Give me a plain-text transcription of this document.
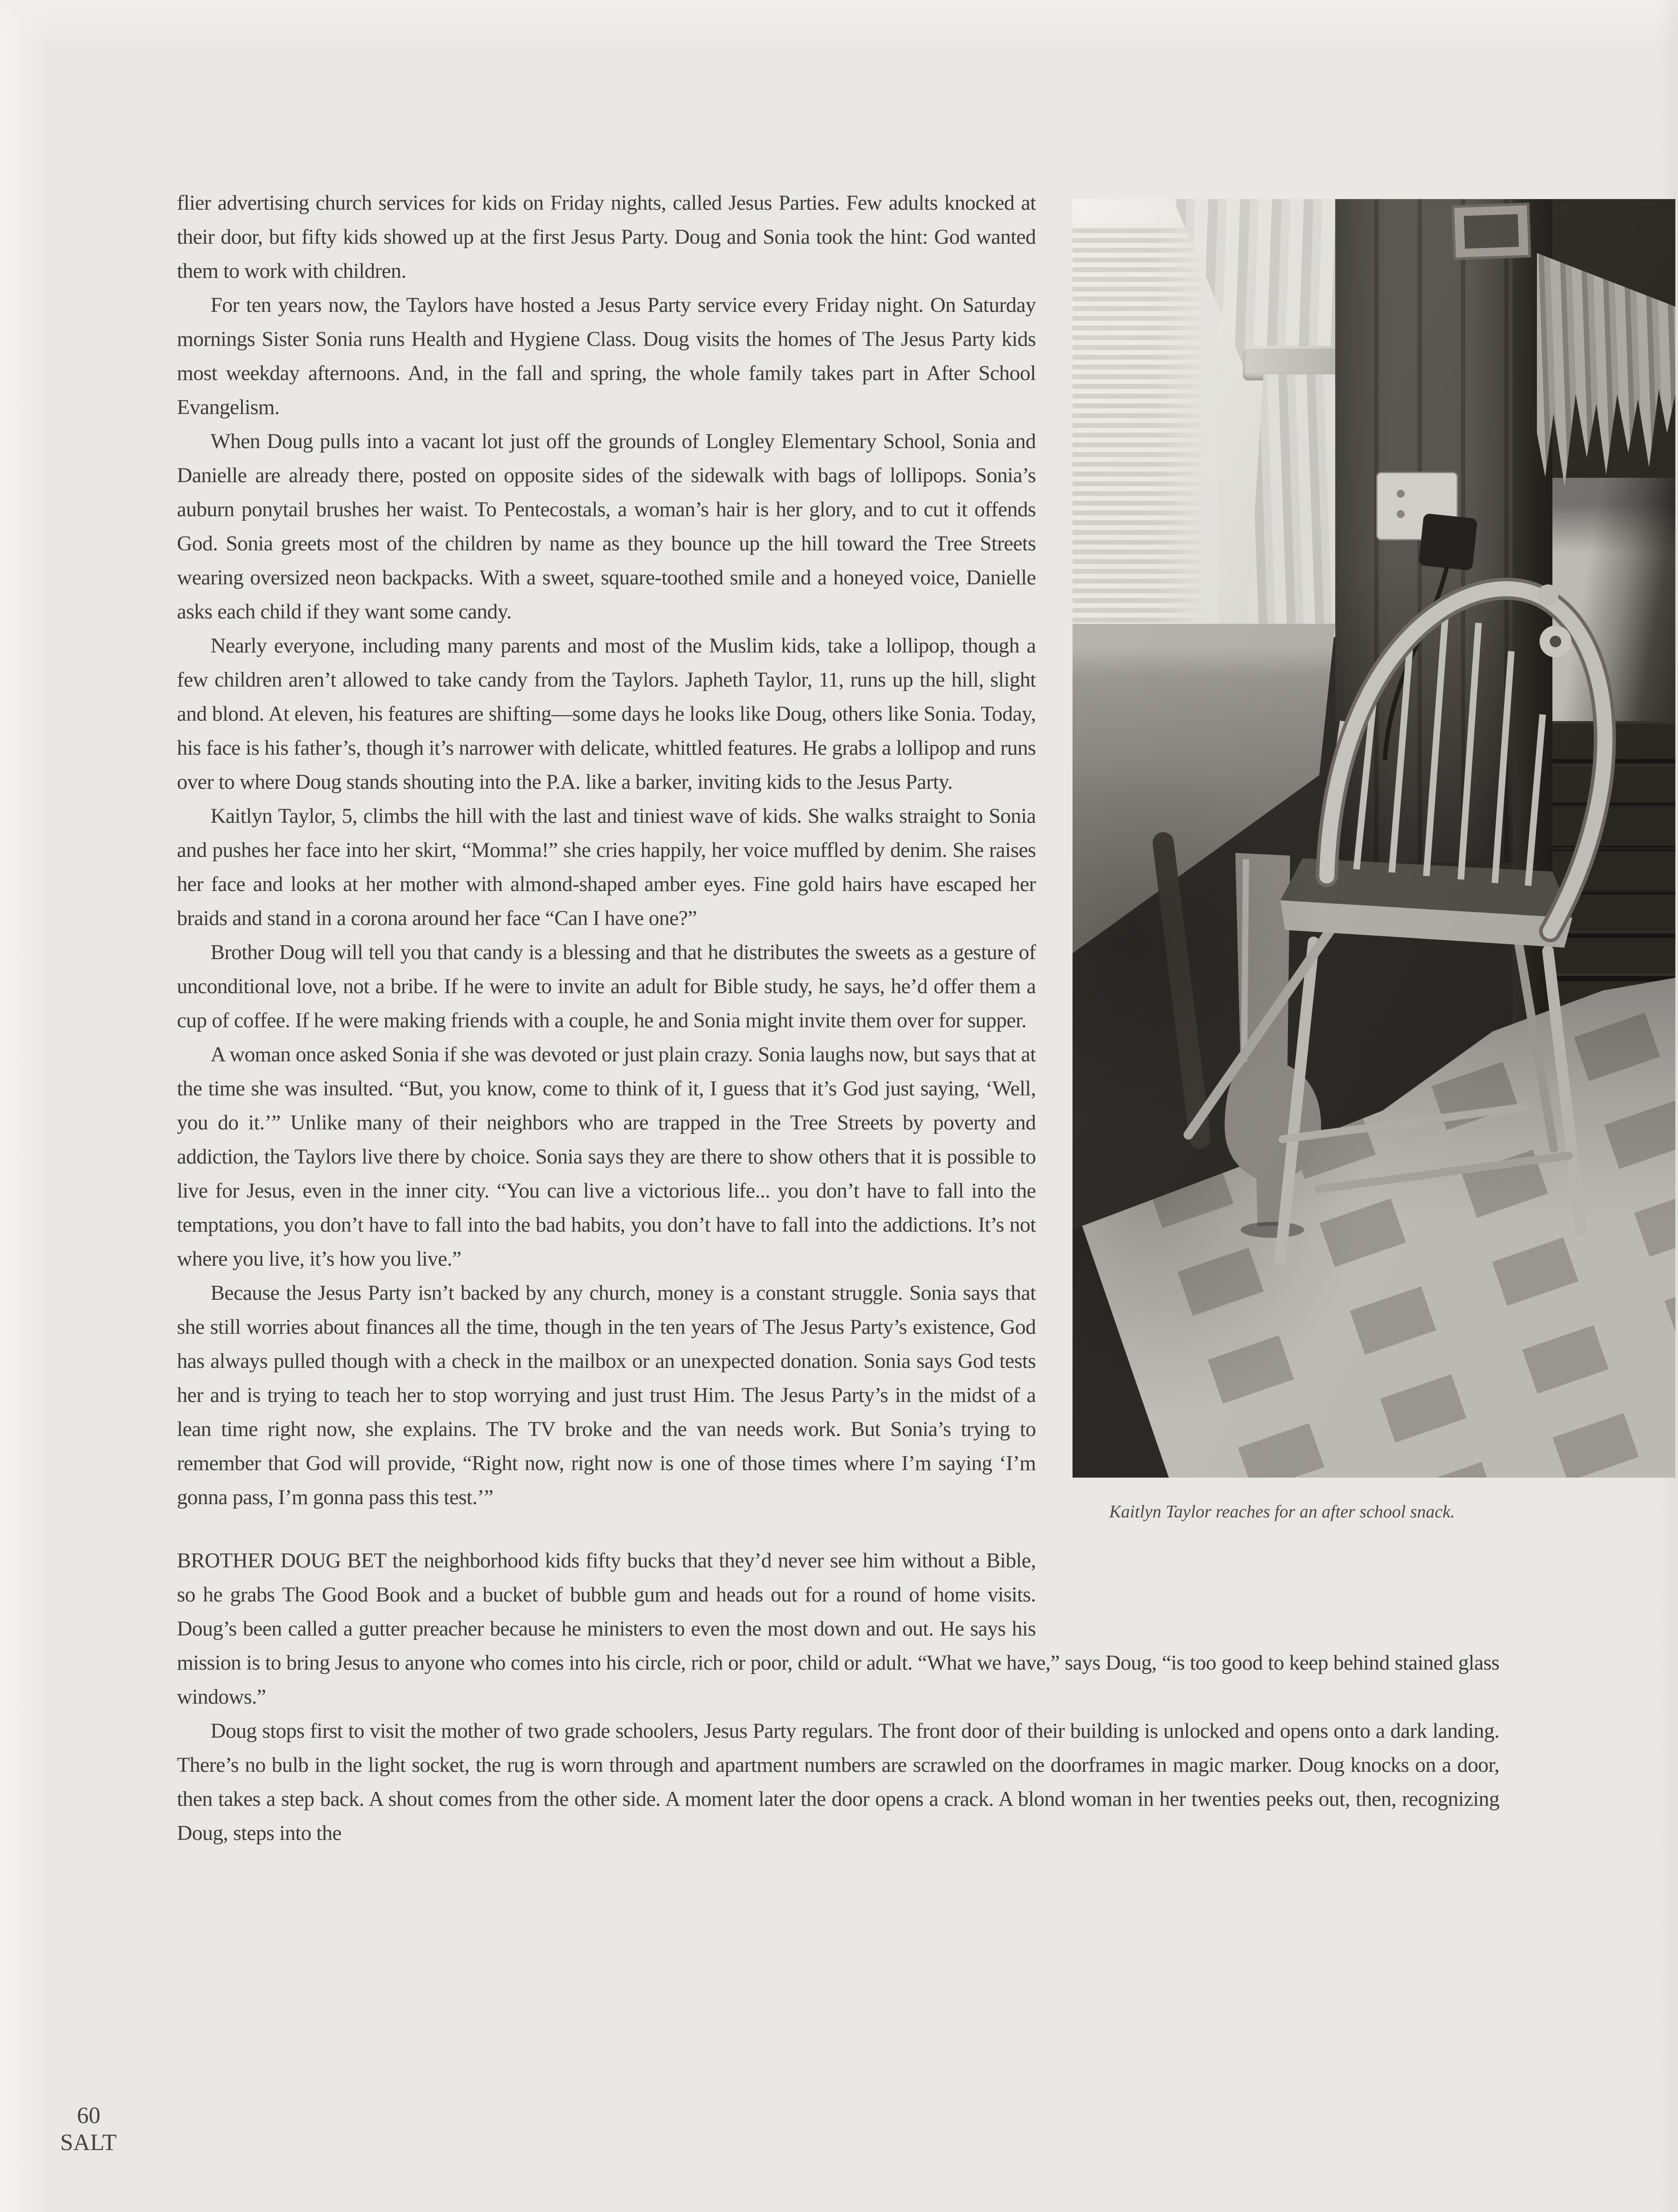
Kaitlyn Taylor reaches for an after school snack.

flier advertising church services for kids on Friday nights, called Jesus Parties. Few adults knocked at their door, but fifty kids showed up at the first Jesus Party. Doug and Sonia took the hint: God wanted them to work with children.

For ten years now, the Taylors have hosted a Jesus Party service every Friday night. On Saturday mornings Sister Sonia runs Health and Hygiene Class. Doug visits the homes of The Jesus Party kids most weekday afternoons. And, in the fall and spring, the whole family takes part in After School Evangelism.

When Doug pulls into a vacant lot just off the grounds of Longley Elementary School, Sonia and Danielle are already there, posted on opposite sides of the sidewalk with bags of lollipops. Sonia’s auburn ponytail brushes her waist. To Pentecostals, a woman’s hair is her glory, and to cut it offends God. Sonia greets most of the children by name as they bounce up the hill toward the Tree Streets wearing oversized neon backpacks. With a sweet, square-toothed smile and a honeyed voice, Danielle asks each child if they want some candy.

Nearly everyone, including many parents and most of the Muslim kids, take a lollipop, though a few children aren’t allowed to take candy from the Taylors. Japheth Taylor, 11, runs up the hill, slight and blond. At eleven, his features are shifting—some days he looks like Doug, others like Sonia. Today, his face is his father’s, though it’s narrower with delicate, whittled features. He grabs a lollipop and runs over to where Doug stands shouting into the P.A. like a barker, inviting kids to the Jesus Party.

Kaitlyn Taylor, 5, climbs the hill with the last and tiniest wave of kids. She walks straight to Sonia and pushes her face into her skirt, “Momma!” she cries happily, her voice muffled by denim. She raises her face and looks at her mother with almond-shaped amber eyes. Fine gold hairs have escaped her braids and stand in a corona around her face “Can I have one?”

Brother Doug will tell you that candy is a blessing and that he distributes the sweets as a gesture of unconditional love, not a bribe. If he were to invite an adult for Bible study, he says, he’d offer them a cup of coffee. If he were making friends with a couple, he and Sonia might invite them over for supper.

A woman once asked Sonia if she was devoted or just plain crazy. Sonia laughs now, but says that at the time she was insulted. “But, you know, come to think of it, I guess that it’s God just saying, ‘Well, you do it.’” Unlike many of their neighbors who are trapped in the Tree Streets by poverty and addiction, the Taylors live there by choice. Sonia says they are there to show others that it is possible to live for Jesus, even in the inner city. “You can live a victorious life... you don’t have to fall into the temptations, you don’t have to fall into the bad habits, you don’t have to fall into the addictions. It’s not where you live, it’s how you live.”

Because the Jesus Party isn’t backed by any church, money is a constant struggle. Sonia says that she still worries about finances all the time, though in the ten years of The Jesus Party’s existence, God has always pulled though with a check in the mailbox or an unexpected donation. Sonia says God tests her and is trying to teach her to stop worrying and just trust Him. The Jesus Party’s in the midst of a lean time right now, she explains. The TV broke and the van needs work. But Sonia’s trying to remember that God will provide, “Right now, right now is one of those times where I’m saying ‘I’m gonna pass, I’m gonna pass this test.’”

BROTHER DOUG BET the neighborhood kids fifty bucks that they’d never see him without a Bible, so he grabs The Good Book and a bucket of bubble gum and heads out for a round of home visits. Doug’s been called a gutter preacher because he ministers to even the most down and out. He says his mission is to bring Jesus to anyone who comes into his circle, rich or poor, child or adult. “What we have,” says Doug, “is too good to keep behind stained glass windows.”

Doug stops first to visit the mother of two grade schoolers, Jesus Party regulars. The front door of their building is unlocked and opens onto a dark landing. There’s no bulb in the light socket, the rug is worn through and apartment numbers are scrawled on the doorframes in magic marker. Doug knocks on a door, then takes a step back. A shout comes from the other side. A moment later the door opens a crack. A blond woman in her twenties peeks out, then, recognizing Doug, steps into the

60
SALT
